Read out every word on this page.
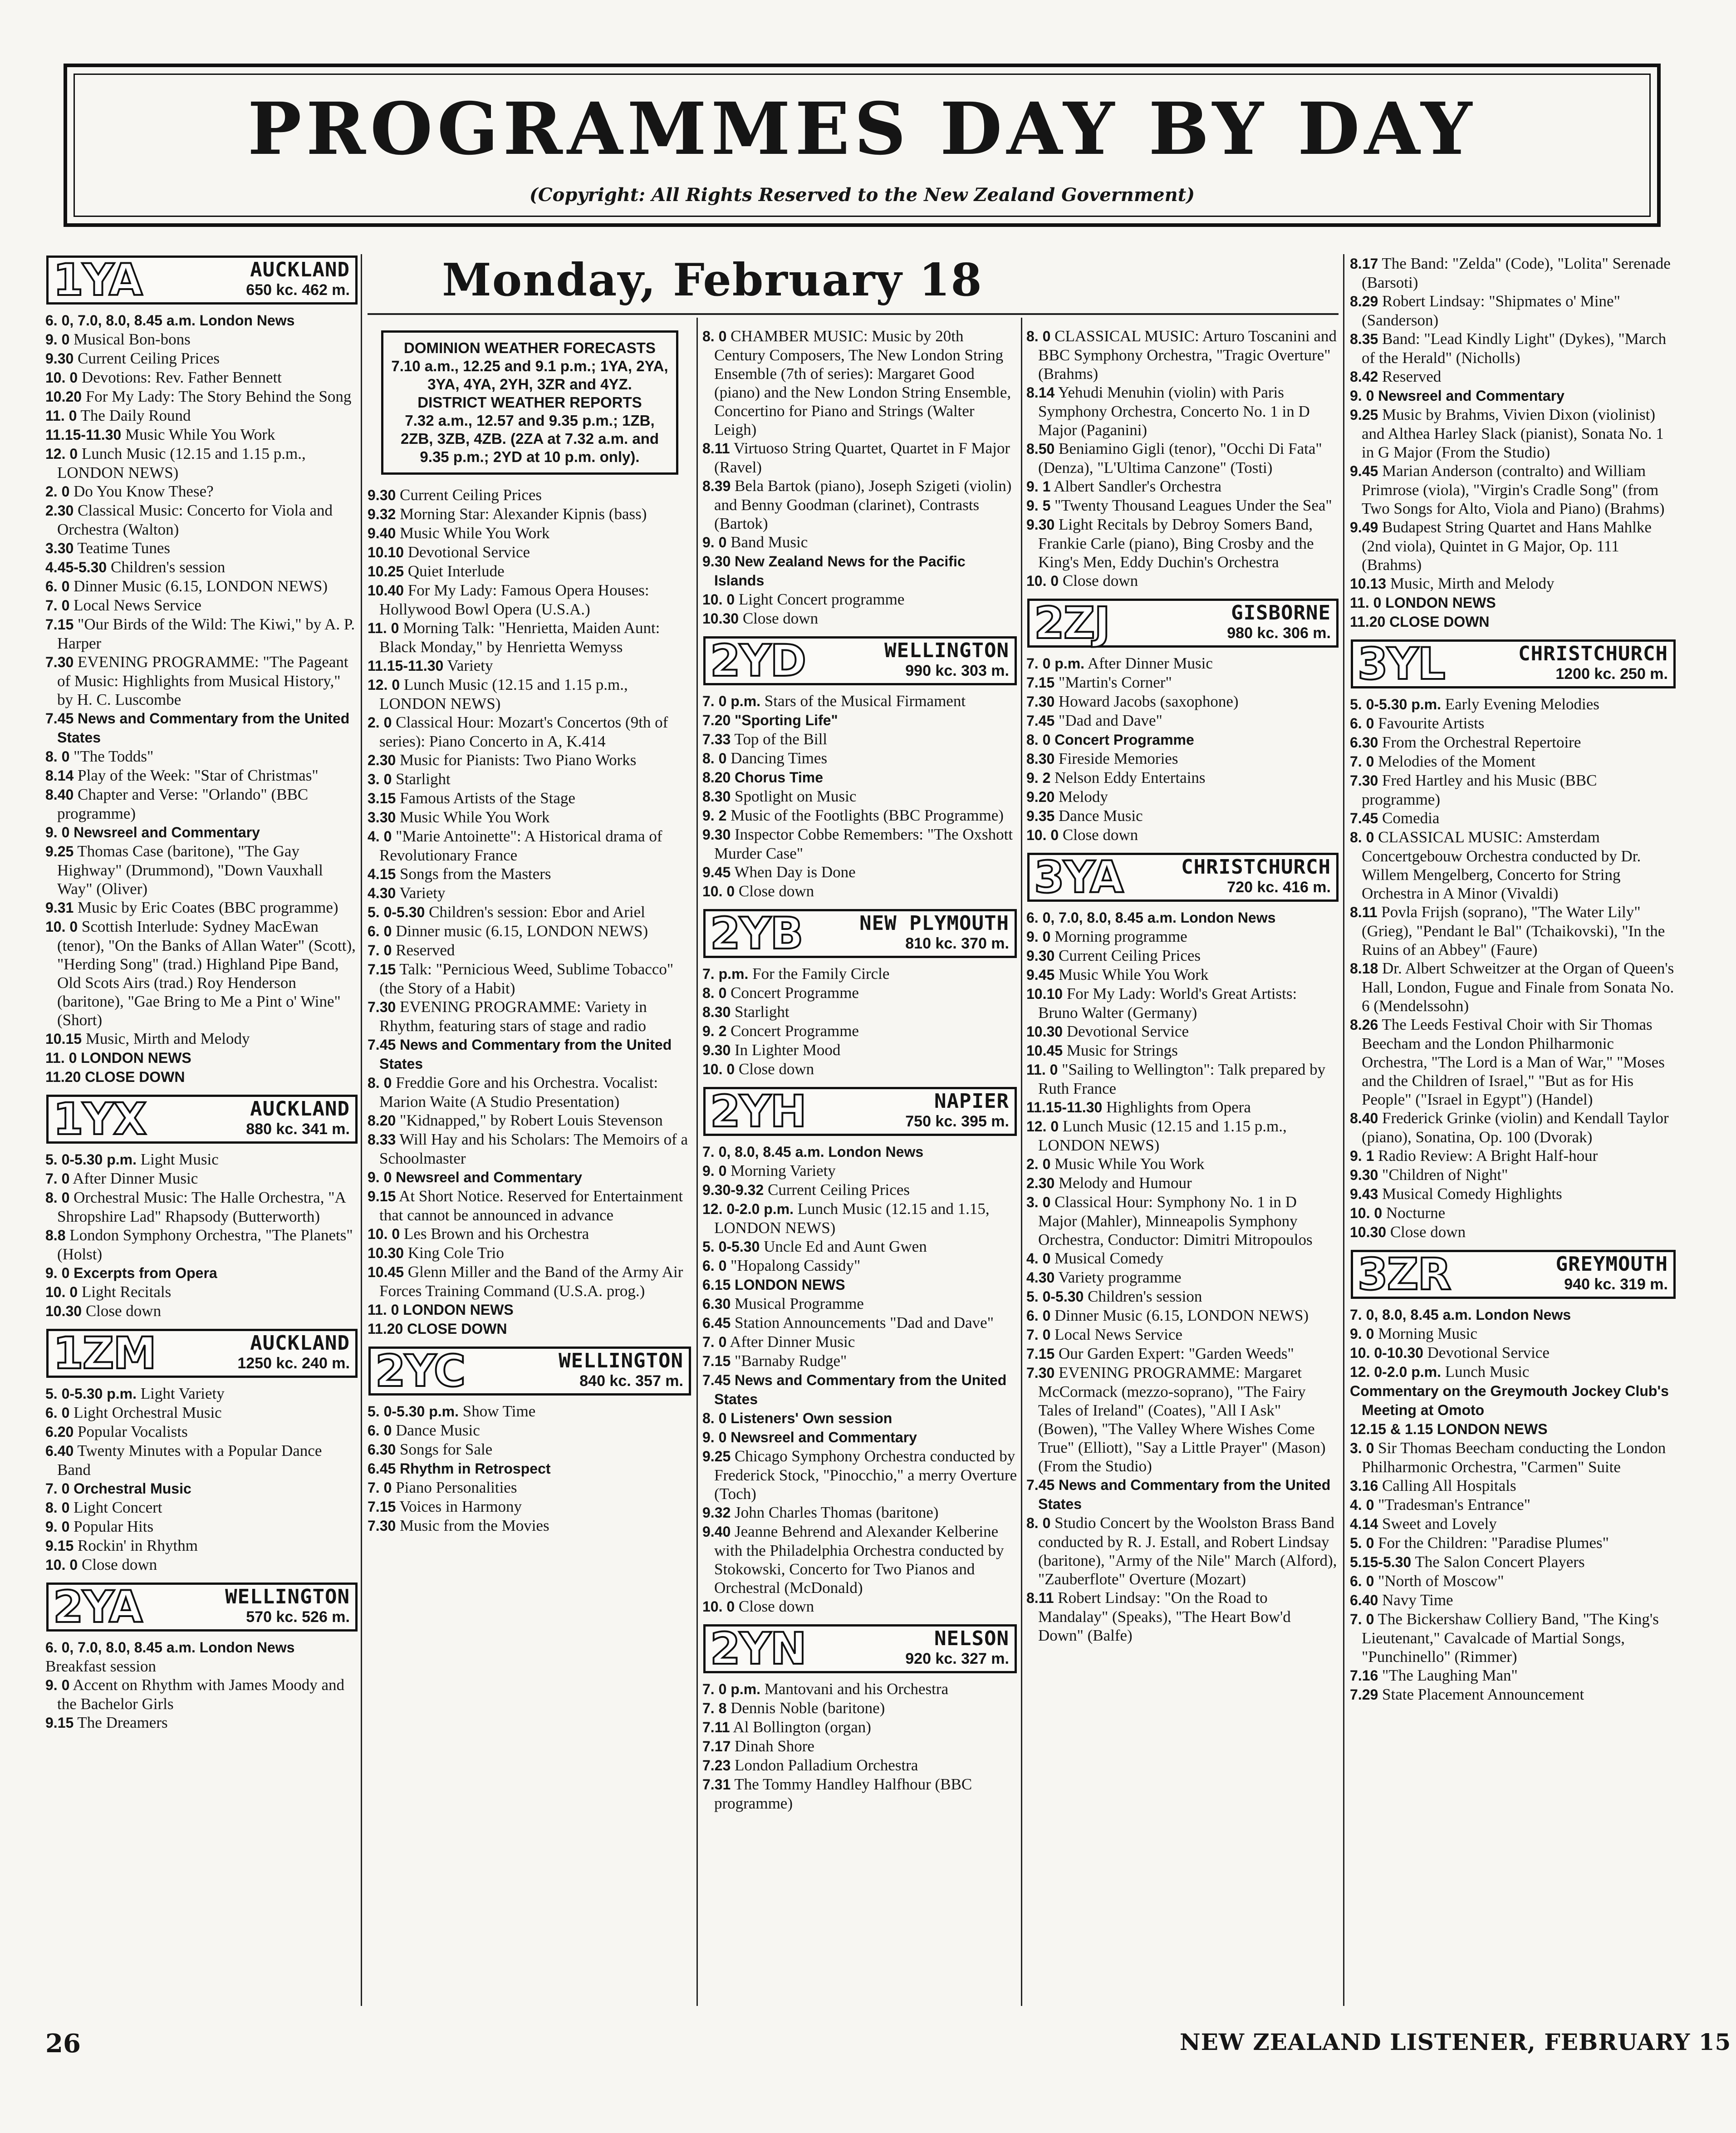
PROGRAMMES DAY BY DAY
(Copyright: All Rights Reserved to the New Zealand Government)
Monday, February 18
1YA	AUCKLAND
650 kc. 462 m.

6. 0, 7.0, 8.0, 8.45 a.m. London News

9. 0 Musical Bon-bons

9.30 Current Ceiling Prices

10. 0 Devotions: Rev. Father Bennett

10.20 For My Lady: The Story Behind the Song

11. 0 The Daily Round

11.15-11.30 Music While You Work

12. 0 Lunch Music (12.15 and 1.15 p.m., LONDON NEWS)

2. 0 Do You Know These?

2.30 Classical Music: Concerto for Viola and Orchestra (Walton)

3.30 Teatime Tunes

4.45-5.30 Children's session

6. 0 Dinner Music (6.15, LONDON NEWS)

7. 0 Local News Service

7.15 "Our Birds of the Wild: The Kiwi," by A. P. Harper

7.30 EVENING PROGRAMME: "The Pageant of Music: Highlights from Musical History," by H. C. Luscombe

7.45 News and Commentary from the United States

8. 0 "The Todds"

8.14 Play of the Week: "Star of Christmas"

8.40 Chapter and Verse: "Orlando" (BBC programme)

9. 0 Newsreel and Commentary

9.25 Thomas Case (baritone), "The Gay Highway" (Drummond), "Down Vauxhall Way" (Oliver)

9.31 Music by Eric Coates (BBC programme)

10. 0 Scottish Interlude: Sydney MacEwan (tenor), "On the Banks of Allan Water" (Scott), "Herding Song" (trad.) Highland Pipe Band, Old Scots Airs (trad.) Roy Henderson (baritone), "Gae Bring to Me a Pint o' Wine" (Short)

10.15 Music, Mirth and Melody

11. 0 LONDON NEWS

11.20 CLOSE DOWN

1YX	AUCKLAND
880 kc. 341 m.

5. 0-5.30 p.m. Light Music

7. 0 After Dinner Music

8. 0 Orchestral Music: The Halle Orchestra, "A Shropshire Lad" Rhapsody (Butterworth)

8.8 London Symphony Orchestra, "The Planets" (Holst)

9. 0 Excerpts from Opera

10. 0 Light Recitals

10.30 Close down

1ZM	AUCKLAND
1250 kc. 240 m.

5. 0-5.30 p.m. Light Variety

6. 0 Light Orchestral Music

6.20 Popular Vocalists

6.40 Twenty Minutes with a Popular Dance Band

7. 0 Orchestral Music

8. 0 Light Concert

9. 0 Popular Hits

9.15 Rockin' in Rhythm

10. 0 Close down

2YA	WELLINGTON
570 kc. 526 m.

6. 0, 7.0, 8.0, 8.45 a.m. London News

Breakfast session

9. 0 Accent on Rhythm with James Moody and the Bachelor Girls

9.15 The Dreamers

DOMINION WEATHER FORECASTS
7.10 a.m., 12.25 and 9.1 p.m.; 1YA, 2YA, 3YA, 4YA, 2YH, 3ZR and 4YZ.
DISTRICT WEATHER REPORTS
7.32 a.m., 12.57 and 9.35 p.m.; 1ZB, 2ZB, 3ZB, 4ZB. (2ZA at 7.32 a.m. and 9.35 p.m.; 2YD at 10 p.m. only).

9.30 Current Ceiling Prices

9.32 Morning Star: Alexander Kipnis (bass)

9.40 Music While You Work

10.10 Devotional Service

10.25 Quiet Interlude

10.40 For My Lady: Famous Opera Houses: Hollywood Bowl Opera (U.S.A.)

11. 0 Morning Talk: "Henrietta, Maiden Aunt: Black Monday," by Henrietta Wemyss

11.15-11.30 Variety

12. 0 Lunch Music (12.15 and 1.15 p.m., LONDON NEWS)

2. 0 Classical Hour: Mozart's Concertos (9th of series): Piano Concerto in A, K.414

2.30 Music for Pianists: Two Piano Works

3. 0 Starlight

3.15 Famous Artists of the Stage

3.30 Music While You Work

4. 0 "Marie Antoinette": A Historical drama of Revolutionary France

4.15 Songs from the Masters

4.30 Variety

5. 0-5.30 Children's session: Ebor and Ariel

6. 0 Dinner music (6.15, LONDON NEWS)

7. 0 Reserved

7.15 Talk: "Pernicious Weed, Sublime Tobacco" (the Story of a Habit)

7.30 EVENING PROGRAMME: Variety in Rhythm, featuring stars of stage and radio

7.45 News and Commentary from the United States

8. 0 Freddie Gore and his Orchestra. Vocalist: Marion Waite (A Studio Presentation)

8.20 "Kidnapped," by Robert Louis Stevenson

8.33 Will Hay and his Scholars: The Memoirs of a Schoolmaster

9. 0 Newsreel and Commentary

9.15 At Short Notice. Reserved for Entertainment that cannot be announced in advance

10. 0 Les Brown and his Orchestra

10.30 King Cole Trio

10.45 Glenn Miller and the Band of the Army Air Forces Training Command (U.S.A. prog.)

11. 0 LONDON NEWS

11.20 CLOSE DOWN

2YC	WELLINGTON
840 kc. 357 m.

5. 0-5.30 p.m. Show Time

6. 0 Dance Music

6.30 Songs for Sale

6.45 Rhythm in Retrospect

7. 0 Piano Personalities

7.15 Voices in Harmony

7.30 Music from the Movies

8. 0 CHAMBER MUSIC: Music by 20th Century Composers, The New London String Ensemble (7th of series): Margaret Good (piano) and the New London String Ensemble, Concertino for Piano and Strings (Walter Leigh)

8.11 Virtuoso String Quartet, Quartet in F Major (Ravel)

8.39 Bela Bartok (piano), Joseph Szigeti (violin) and Benny Goodman (clarinet), Contrasts (Bartok)

9. 0 Band Music

9.30 New Zealand News for the Pacific Islands

10. 0 Light Concert programme

10.30 Close down

2YD	WELLINGTON
990 kc. 303 m.

7. 0 p.m. Stars of the Musical Firmament

7.20 "Sporting Life"

7.33 Top of the Bill

8. 0 Dancing Times

8.20 Chorus Time

8.30 Spotlight on Music

9. 2 Music of the Footlights (BBC Programme)

9.30 Inspector Cobbe Remembers: "The Oxshott Murder Case"

9.45 When Day is Done

10. 0 Close down

2YB	NEW PLYMOUTH
810 kc. 370 m.

7. p.m. For the Family Circle

8. 0 Concert Programme

8.30 Starlight

9. 2 Concert Programme

9.30 In Lighter Mood

10. 0 Close down

2YH	NAPIER
750 kc. 395 m.

7. 0, 8.0, 8.45 a.m. London News

9. 0 Morning Variety

9.30-9.32 Current Ceiling Prices

12. 0-2.0 p.m. Lunch Music (12.15 and 1.15, LONDON NEWS)

5. 0-5.30 Uncle Ed and Aunt Gwen

6. 0 "Hopalong Cassidy"

6.15 LONDON NEWS

6.30 Musical Programme

6.45 Station Announcements "Dad and Dave"

7. 0 After Dinner Music

7.15 "Barnaby Rudge"

7.45 News and Commentary from the United States

8. 0 Listeners' Own session

9. 0 Newsreel and Commentary

9.25 Chicago Symphony Orchestra conducted by Frederick Stock, "Pinocchio," a merry Overture (Toch)

9.32 John Charles Thomas (baritone)

9.40 Jeanne Behrend and Alexander Kelberine with the Philadelphia Orchestra conducted by Stokowski, Concerto for Two Pianos and Orchestral (McDonald)

10. 0 Close down

2YN	NELSON
920 kc. 327 m.

7. 0 p.m. Mantovani and his Orchestra

7. 8 Dennis Noble (baritone)

7.11 Al Bollington (organ)

7.17 Dinah Shore

7.23 London Palladium Orchestra

7.31 The Tommy Handley Halfhour (BBC programme)

8. 0 CLASSICAL MUSIC: Arturo Toscanini and BBC Symphony Orchestra, "Tragic Overture" (Brahms)

8.14 Yehudi Menuhin (violin) with Paris Symphony Orchestra, Concerto No. 1 in D Major (Paganini)

8.50 Beniamino Gigli (tenor), "Occhi Di Fata" (Denza), "L'Ultima Canzone" (Tosti)

9. 1 Albert Sandler's Orchestra

9. 5 "Twenty Thousand Leagues Under the Sea"

9.30 Light Recitals by Debroy Somers Band, Frankie Carle (piano), Bing Crosby and the King's Men, Eddy Duchin's Orchestra

10. 0 Close down

2ZJ	GISBORNE
980 kc. 306 m.

7. 0 p.m. After Dinner Music

7.15 "Martin's Corner"

7.30 Howard Jacobs (saxophone)

7.45 "Dad and Dave"

8. 0 Concert Programme

8.30 Fireside Memories

9. 2 Nelson Eddy Entertains

9.20 Melody

9.35 Dance Music

10. 0 Close down

3YA	CHRISTCHURCH
720 kc. 416 m.

6. 0, 7.0, 8.0, 8.45 a.m. London News

9. 0 Morning programme

9.30 Current Ceiling Prices

9.45 Music While You Work

10.10 For My Lady: World's Great Artists: Bruno Walter (Germany)

10.30 Devotional Service

10.45 Music for Strings

11. 0 "Sailing to Wellington": Talk prepared by Ruth France

11.15-11.30 Highlights from Opera

12. 0 Lunch Music (12.15 and 1.15 p.m., LONDON NEWS)

2. 0 Music While You Work

2.30 Melody and Humour

3. 0 Classical Hour: Symphony No. 1 in D Major (Mahler), Minneapolis Symphony Orchestra, Conductor: Dimitri Mitropoulos

4. 0 Musical Comedy

4.30 Variety programme

5. 0-5.30 Children's session

6. 0 Dinner Music (6.15, LONDON NEWS)

7. 0 Local News Service

7.15 Our Garden Expert: "Garden Weeds"

7.30 EVENING PROGRAMME: Margaret McCormack (mezzo-soprano), "The Fairy Tales of Ireland" (Coates), "All I Ask" (Bowen), "The Valley Where Wishes Come True" (Elliott), "Say a Little Prayer" (Mason) (From the Studio)

7.45 News and Commentary from the United States

8. 0 Studio Concert by the Woolston Brass Band conducted by R. J. Estall, and Robert Lindsay (baritone), "Army of the Nile" March (Alford), "Zauberflote" Overture (Mozart)

8.11 Robert Lindsay: "On the Road to Mandalay" (Speaks), "The Heart Bow'd Down" (Balfe)

8.17 The Band: "Zelda" (Code), "Lolita" Serenade (Barsoti)

8.29 Robert Lindsay: "Shipmates o' Mine" (Sanderson)

8.35 Band: "Lead Kindly Light" (Dykes), "March of the Herald" (Nicholls)

8.42 Reserved

9. 0 Newsreel and Commentary

9.25 Music by Brahms, Vivien Dixon (violinist) and Althea Harley Slack (pianist), Sonata No. 1 in G Major (From the Studio)

9.45 Marian Anderson (contralto) and William Primrose (viola), "Virgin's Cradle Song" (from Two Songs for Alto, Viola and Piano) (Brahms)

9.49 Budapest String Quartet and Hans Mahlke (2nd viola), Quintet in G Major, Op. 111 (Brahms)

10.13 Music, Mirth and Melody

11. 0 LONDON NEWS

11.20 CLOSE DOWN

3YL	CHRISTCHURCH
1200 kc. 250 m.

5. 0-5.30 p.m. Early Evening Melodies

6. 0 Favourite Artists

6.30 From the Orchestral Repertoire

7. 0 Melodies of the Moment

7.30 Fred Hartley and his Music (BBC programme)

7.45 Comedia

8. 0 CLASSICAL MUSIC: Amsterdam Concertgebouw Orchestra conducted by Dr. Willem Mengelberg, Concerto for String Orchestra in A Minor (Vivaldi)

8.11 Povla Frijsh (soprano), "The Water Lily" (Grieg), "Pendant le Bal" (Tchaikovski), "In the Ruins of an Abbey" (Faure)

8.18 Dr. Albert Schweitzer at the Organ of Queen's Hall, London, Fugue and Finale from Sonata No. 6 (Mendelssohn)

8.26 The Leeds Festival Choir with Sir Thomas Beecham and the London Philharmonic Orchestra, "The Lord is a Man of War," "Moses and the Children of Israel," "But as for His People" ("Israel in Egypt") (Handel)

8.40 Frederick Grinke (violin) and Kendall Taylor (piano), Sonatina, Op. 100 (Dvorak)

9. 1 Radio Review: A Bright Half-hour

9.30 "Children of Night"

9.43 Musical Comedy Highlights

10. 0 Nocturne

10.30 Close down

3ZR	GREYMOUTH
940 kc. 319 m.

7. 0, 8.0, 8.45 a.m. London News

9. 0 Morning Music

10. 0-10.30 Devotional Service

12. 0-2.0 p.m. Lunch Music

Commentary on the Greymouth Jockey Club's Meeting at Omoto

12.15 & 1.15 LONDON NEWS

3. 0 Sir Thomas Beecham conducting the London Philharmonic Orchestra, "Carmen" Suite

3.16 Calling All Hospitals

4. 0 "Tradesman's Entrance"

4.14 Sweet and Lovely

5. 0 For the Children: "Paradise Plumes"

5.15-5.30 The Salon Concert Players

6. 0 "North of Moscow"

6.40 Navy Time

7. 0 The Bickershaw Colliery Band, "The King's Lieutenant," Cavalcade of Martial Songs, "Punchinello" (Rimmer)

7.16 "The Laughing Man"

7.29 State Placement Announcement

26	NEW ZEALAND LISTENER, FEBRUARY 15
